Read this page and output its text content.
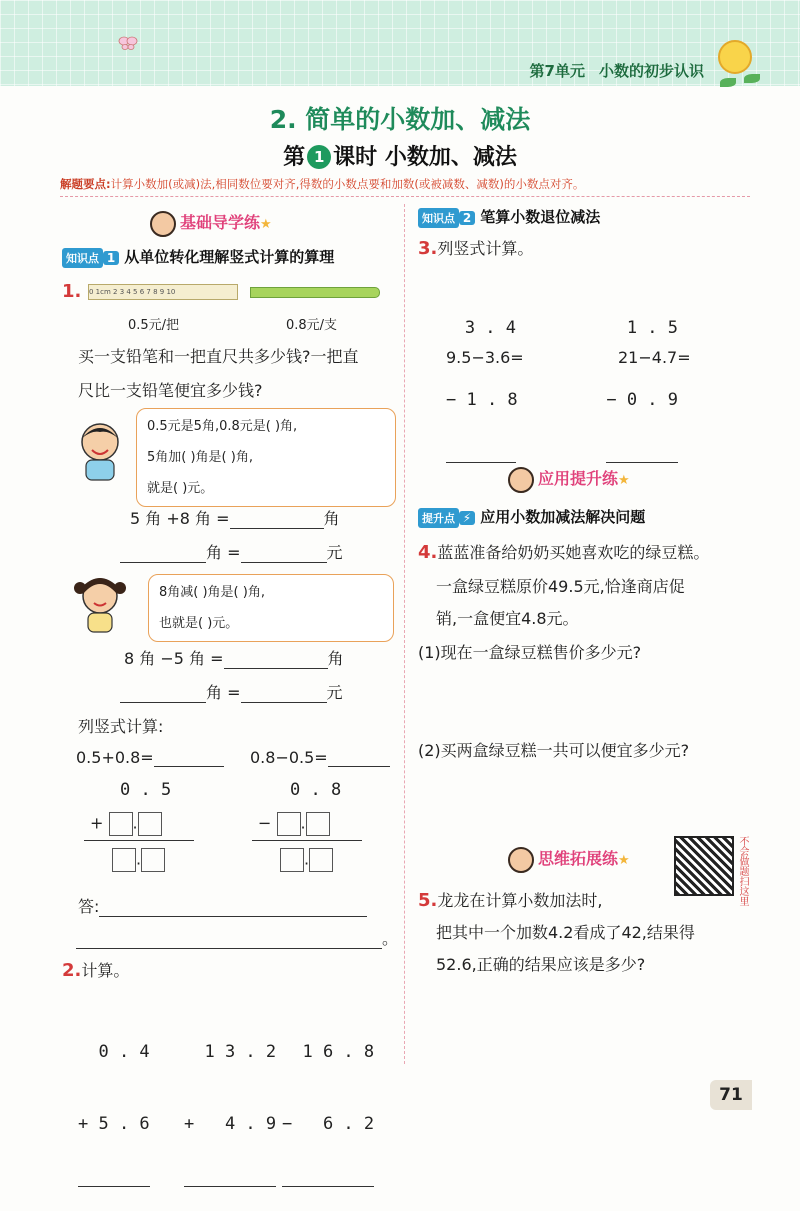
第7单元 小数的初步认识
2. 简单的小数加、减法
第 1 课时 小数加、减法
解题要点:计算小数加(或减)法,相同数位要对齐,得数的小数点要和加数(或被减数、减数)的小数点对齐。
基础导学练★
知识点 1 从单位转化理解竖式计算的算理
1. 0 1cm 2 3 4 5 6 7 8 9 10
0.5元/把	0.8元/支
买一支铅笔和一把直尺共多少钱?一把直
尺比一支铅笔便宜多少钱?
0.5元是5角,0.8元是( )角,
5角加( )角是( )角,
就是( )元。
5 角 +8 角 =	角
角 =	元
8角减( )角是( )角,
也就是( )元。
8 角 −5 角 =	角
角 =	元
列竖式计算:
0.5+0.8=	0.8−0.5=
0 . 5
+ .
.
0 . 8
− .
.
答:
。
2.计算。

0 . 4

+ 5 . 6

1 3 . 2

+   4 . 9

1 6 . 8

−   6 . 2

知识点 2 笔算小数退位减法
3.列竖式计算。

3 . 4

− 1 . 8

1 . 5

− 0 . 9

9.5−3.6=	21−4.7=
应用提升练★
提升点 ⚡ 应用小数加减法解决问题
4.蓝蓝准备给奶奶买她喜欢吃的绿豆糕。
一盒绿豆糕原价49.5元,恰逢商店促
销,一盒便宜4.8元。
(1)现在一盒绿豆糕售价多少元?
(2)买两盒绿豆糕一共可以便宜多少元?
思维拓展练★	不会做题扫这里
5.龙龙在计算小数加法时,
把其中一个加数4.2看成了42,结果得
52.6,正确的结果应该是多少?
71
